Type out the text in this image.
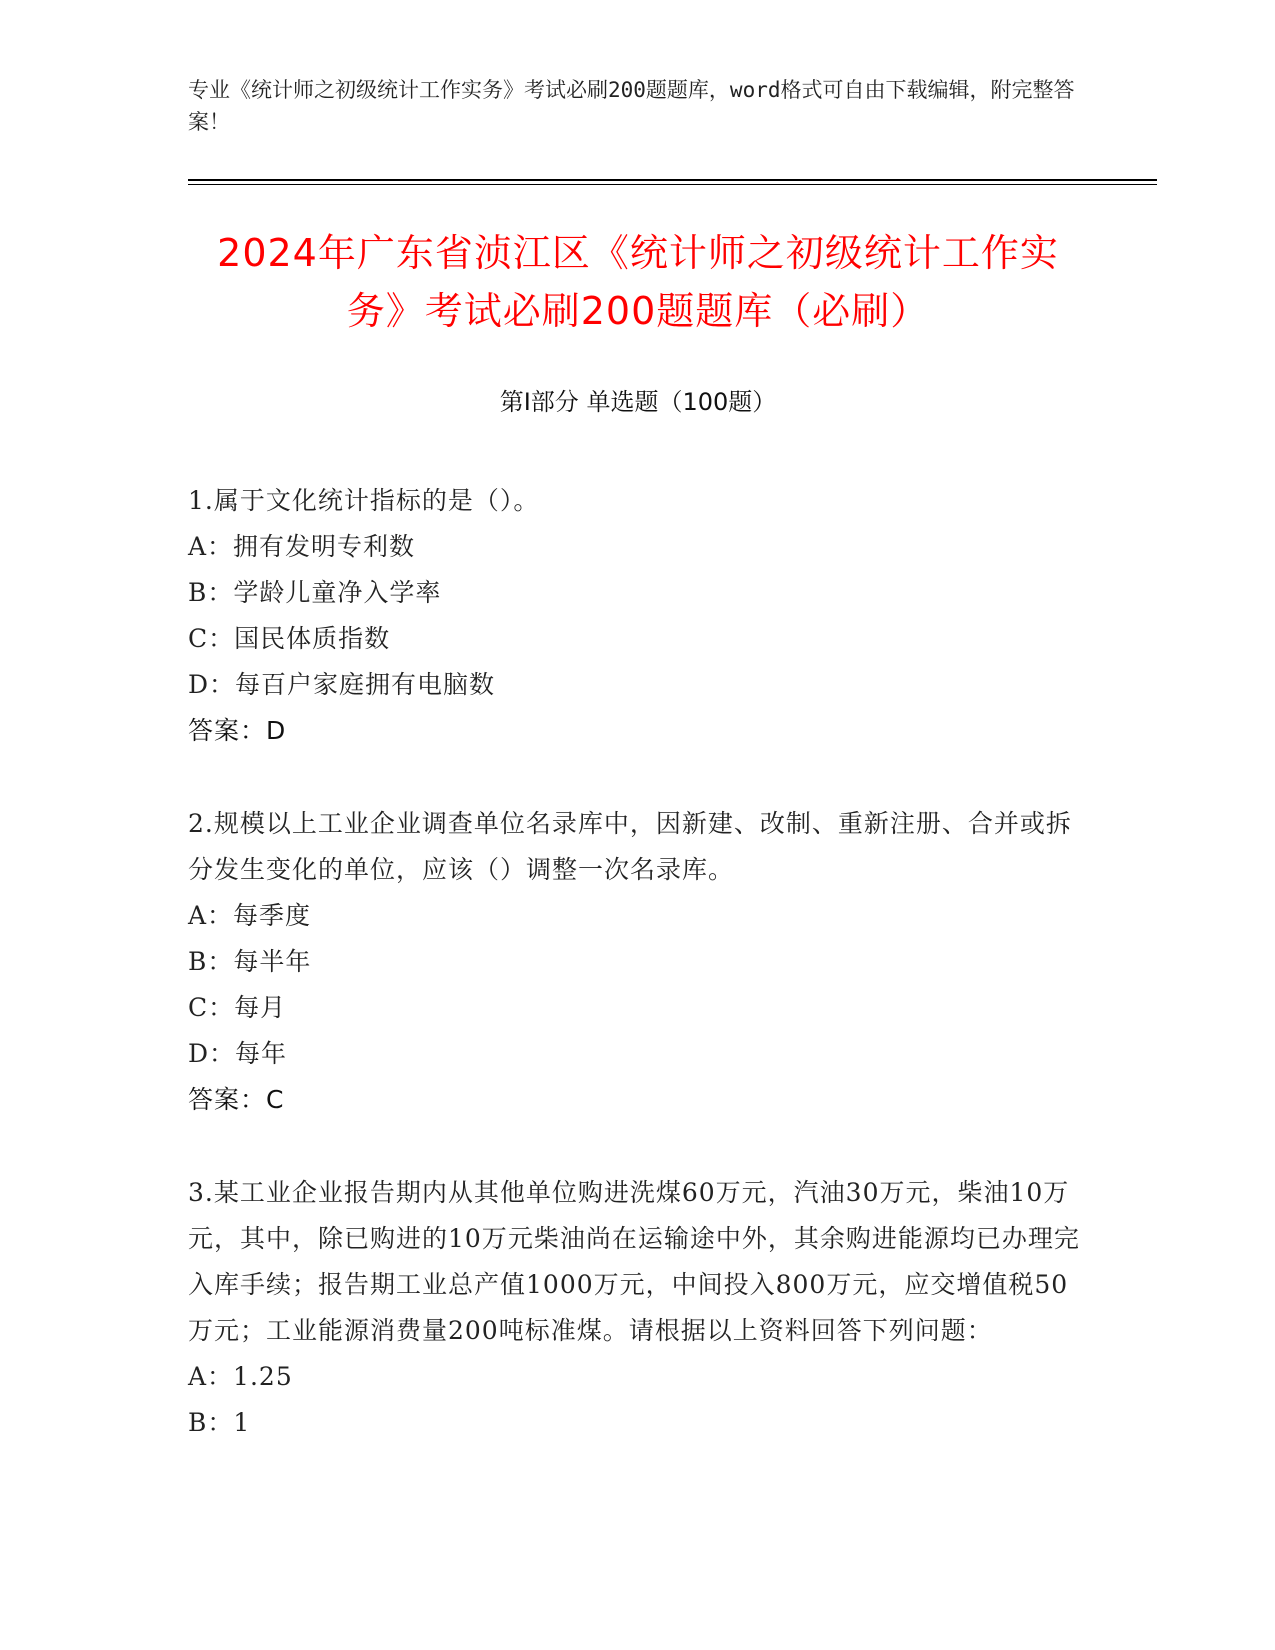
专业《统计师之初级统计工作实务》考试必刷200题题库，word格式可自由下载编辑，附完整答案！
2024年广东省浈江区《统计师之初级统计工作实务》考试必刷200题题库（必刷）
第Ⅰ部分 单选题（100题）

1.属于文化统计指标的是（）。

A：拥有发明专利数

B：学龄儿童净入学率

C：国民体质指数

D：每百户家庭拥有电脑数

答案：D

2.规模以上工业企业调查单位名录库中，因新建、改制、重新注册、合并或拆分发生变化的单位，应该（）调整一次名录库。

A：每季度

B：每半年

C：每月

D：每年

答案：C

3.某工业企业报告期内从其他单位购进洗煤60万元，汽油30万元，柴油10万元，其中，除已购进的10万元柴油尚在运输途中外，其余购进能源均已办理完入库手续；报告期工业总产值1000万元，中间投入800万元，应交增值税50万元；工业能源消费量200吨标准煤。请根据以上资料回答下列问题：

A：1.25

B：1
